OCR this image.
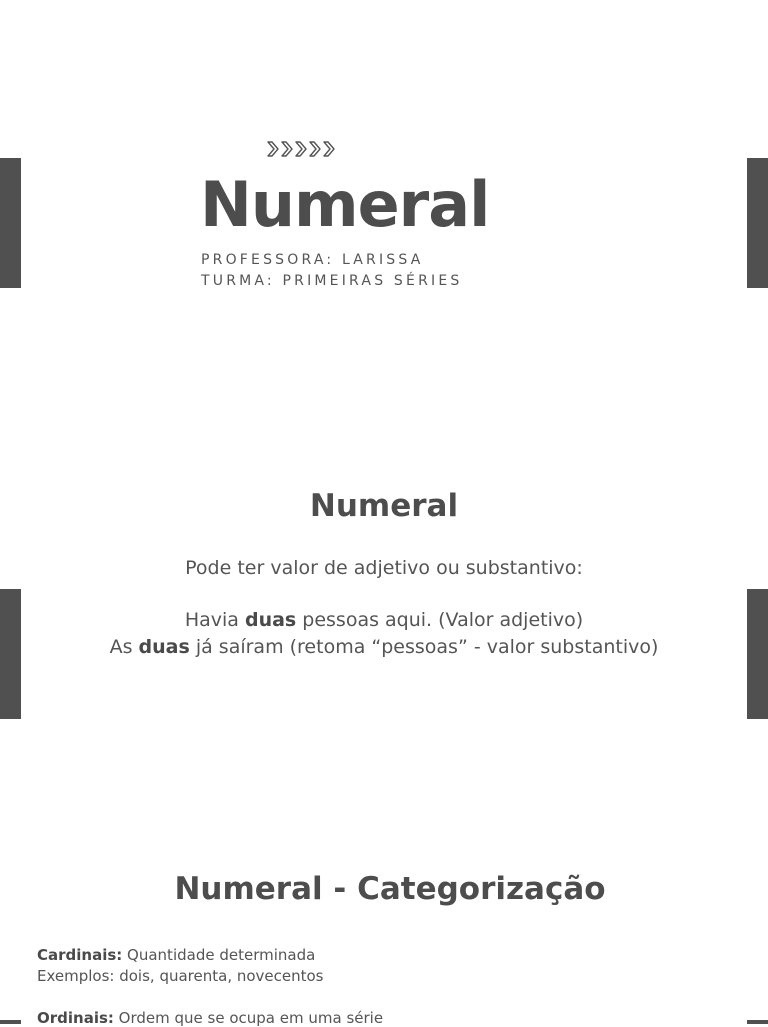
Numeral

PROFESSORA: LARISSA

TURMA: PRIMEIRAS SÉRIES

Numeral

Pode ter valor de adjetivo ou substantivo:

Havia duas pessoas aqui. (Valor adjetivo)

As duas já saíram (retoma “pessoas” - valor substantivo)

Numeral - Categorização

Cardinais: Quantidade determinada

Exemplos: dois, quarenta, novecentos

Ordinais: Ordem que se ocupa em uma série
